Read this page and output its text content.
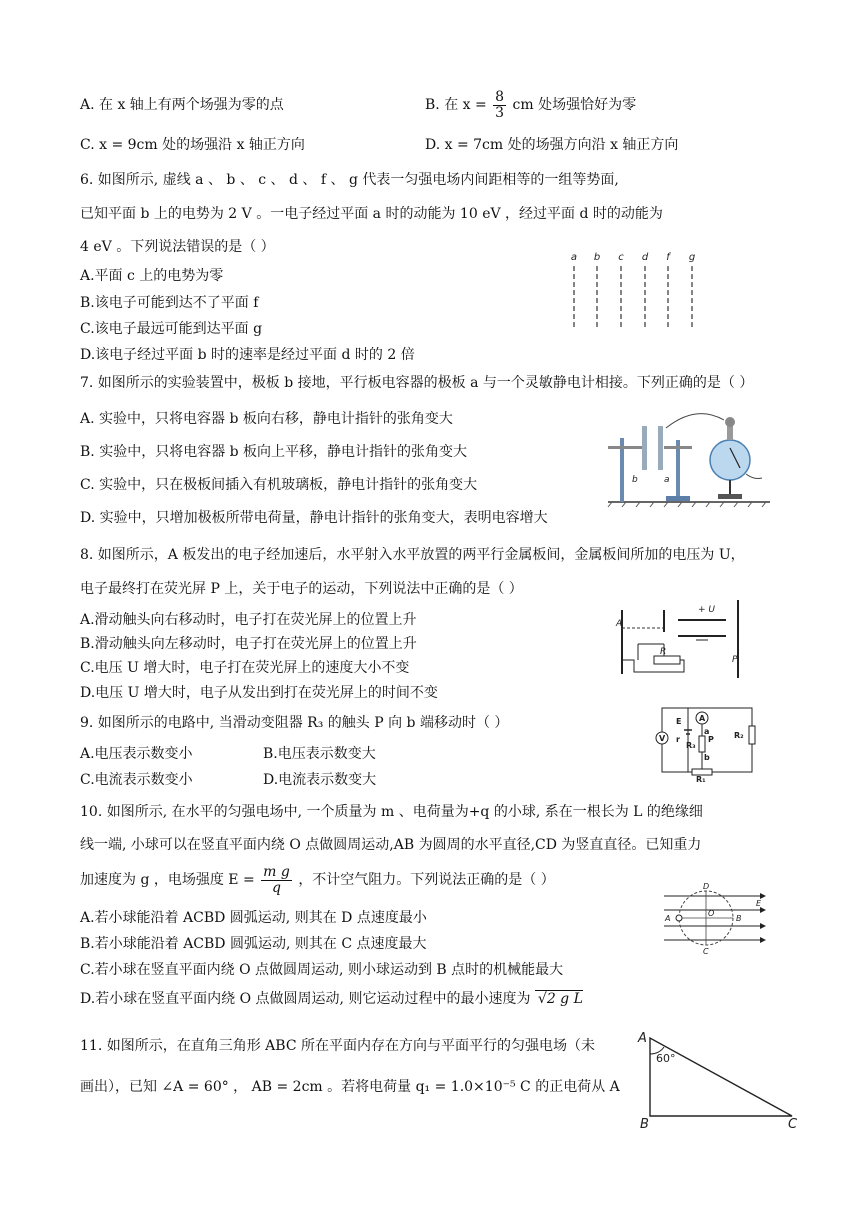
A. 在 x 轴上有两个场强为零的点	B. 在 $x = \frac{8}{3}$ cm 处场强恰好为零
C. x = 9cm 处的场强沿 x 轴正方向	D. x = 7cm 处的场强方向沿 x 轴正方向
6. 如图所示, 虚线 a 、 b 、 c 、 d 、 f 、 g 代表一匀强电场内间距相等的一组等势面,
已知平面 b 上的电势为 2 V 。一电子经过平面 a 时的动能为 10 eV ，经过平面 d 时的动能为
4 eV 。下列说法错误的是（ ）
A.平面 c 上的电势为零
B.该电子可能到达不了平面 f
C.该电子最远可能到达平面 g
D.该电子经过平面 b 时的速率是经过平面 d 时的 2 倍
a b c d f g
7. 如图所示的实验装置中，极板 b 接地，平行板电容器的极板 a 与一个灵敏静电计相接。下列正确的是（ ）
A. 实验中，只将电容器 b 板向右移，静电计指针的张角变大
B. 实验中，只将电容器 b 板向上平移，静电计指针的张角变大
C. 实验中，只在极板间插入有机玻璃板，静电计指针的张角变大
D. 实验中，只增加极板所带电荷量，静电计指针的张角变大，表明电容增大
b	a
8. 如图所示，A 板发出的电子经加速后，水平射入水平放置的两平行金属板间，金属板间所加的电压为 U，
电子最终打在荧光屏 P 上，关于电子的运动，下列说法中正确的是（ ）
A.滑动触头向右移动时，电子打在荧光屏上的位置上升
B.滑动触头向左移动时，电子打在荧光屏上的位置上升
C.电压 U 增大时，电子打在荧光屏上的速度大小不变
D.电压 U 增大时，电子从发出到打在荧光屏上的时间不变
A
+ U
R
P
9. 如图所示的电路中, 当滑动变阻器 R₃ 的触头 P 向 b 端移动时（ ）
A.电压表示数变小	B.电压表示数变大
C.电流表示数变小	D.电流表示数变大
E
r
A
V
a
P
R₃
b
R₂
R₁
10. 如图所示, 在水平的匀强电场中, 一个质量为 m 、电荷量为+q 的小球, 系在一根长为 L 的绝缘细
线一端, 小球可以在竖直平面内绕 O 点做圆周运动,AB 为圆周的水平直径,CD 为竖直直径。已知重力
加速度为 g ，电场强度 $E = \frac{\text{m g}}{q}$ ，不计空气阻力。下列说法正确的是（ ）
A.若小球能沿着 ACBD 圆弧运动, 则其在 D 点速度最小
B.若小球能沿着 ACBD 圆弧运动, 则其在 C 点速度最大
C.若小球在竖直平面内绕 O 点做圆周运动, 则小球运动到 B 点时的机械能最大
D.若小球在竖直平面内绕 O 点做圆周运动, 则它运动过程中的最小速度为 √2 g L
D
E
A
O
B
C
11. 如图所示，在直角三角形 ABC 所在平面内存在方向与平面平行的匀强电场（未
画出），已知 ∠A = 60° ， AB = 2cm 。若将电荷量 q₁ = 1.0×10⁻⁵ C 的正电荷从 A
A
60°
B	C
